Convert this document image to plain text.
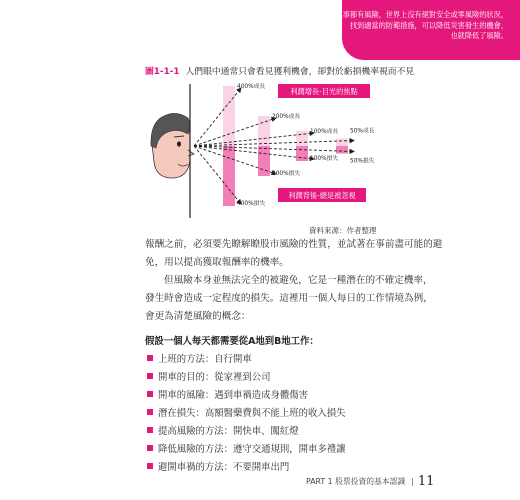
凡事都有風險，世界上沒有絕對安全或零風險的狀況，
找到適當的防範措施，可以降低災害發生的機會，
也就降低了風險。
圖1-1-1 人們眼中通常只會看見獲利機會，卻對於虧損機率視而不見
400%成長
400%損失
200%成長
200%損失
100%成長
100%損失
50%成長
50%損失
利潤增長-目光的焦點
利潤背後-總是被忽視
資料來源：作者整理
報酬之前，必須要先瞭解瞭股市風險的性質，並試著在事前盡可能的避
免，用以提高獲取報酬率的機率。
但風險本身並無法完全的被避免，它是一種潛在的不確定機率，
發生時會造成一定程度的損失。這裡用一個人每日的工作情境為例，
會更為清楚風險的概念：
假設一個人每天都需要從A地到B地工作：
上班的方法：自行開車
開車的目的：從家裡到公司
開車的風險：遇到車禍造成身體傷害
潛在損失：高額醫藥費與不能上班的收入損失
提高風險的方法：開快車、闖紅燈
降低風險的方法：遵守交通規則，開車多禮讓
避開車禍的方法：不要開車出門
PART 1 股票投資的基本認識 | 11
